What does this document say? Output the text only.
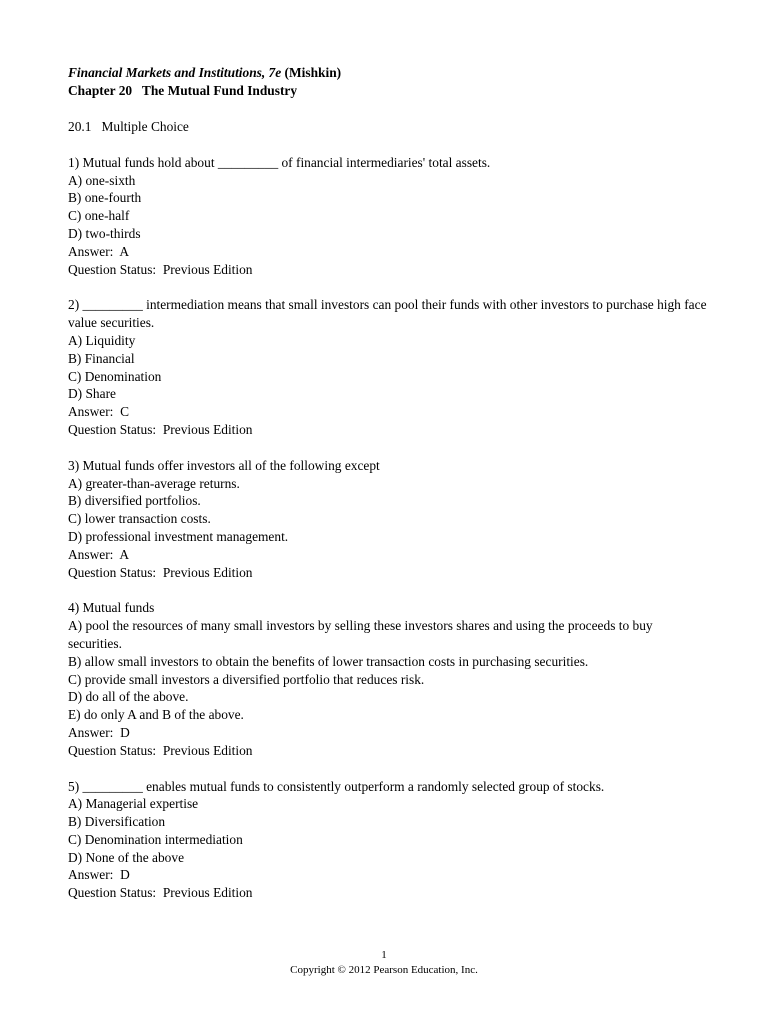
Financial Markets and Institutions, 7e (Mishkin)
Chapter 20   The Mutual Fund Industry
20.1   Multiple Choice
1) Mutual funds hold about _________ of financial intermediaries' total assets.
A) one-sixth
B) one-fourth
C) one-half
D) two-thirds
Answer:  A
Question Status:  Previous Edition
2) _________ intermediation means that small investors can pool their funds with other investors to purchase high face value securities.
A) Liquidity
B) Financial
C) Denomination
D) Share
Answer:  C
Question Status:  Previous Edition
3) Mutual funds offer investors all of the following except
A) greater-than-average returns.
B) diversified portfolios.
C) lower transaction costs.
D) professional investment management.
Answer:  A
Question Status:  Previous Edition
4) Mutual funds
A) pool the resources of many small investors by selling these investors shares and using the proceeds to buy securities.
B) allow small investors to obtain the benefits of lower transaction costs in purchasing securities.
C) provide small investors a diversified portfolio that reduces risk.
D) do all of the above.
E) do only A and B of the above.
Answer:  D
Question Status:  Previous Edition
5) _________ enables mutual funds to consistently outperform a randomly selected group of stocks.
A) Managerial expertise
B) Diversification
C) Denomination intermediation
D) None of the above
Answer:  D
Question Status:  Previous Edition
1
Copyright © 2012 Pearson Education, Inc.
